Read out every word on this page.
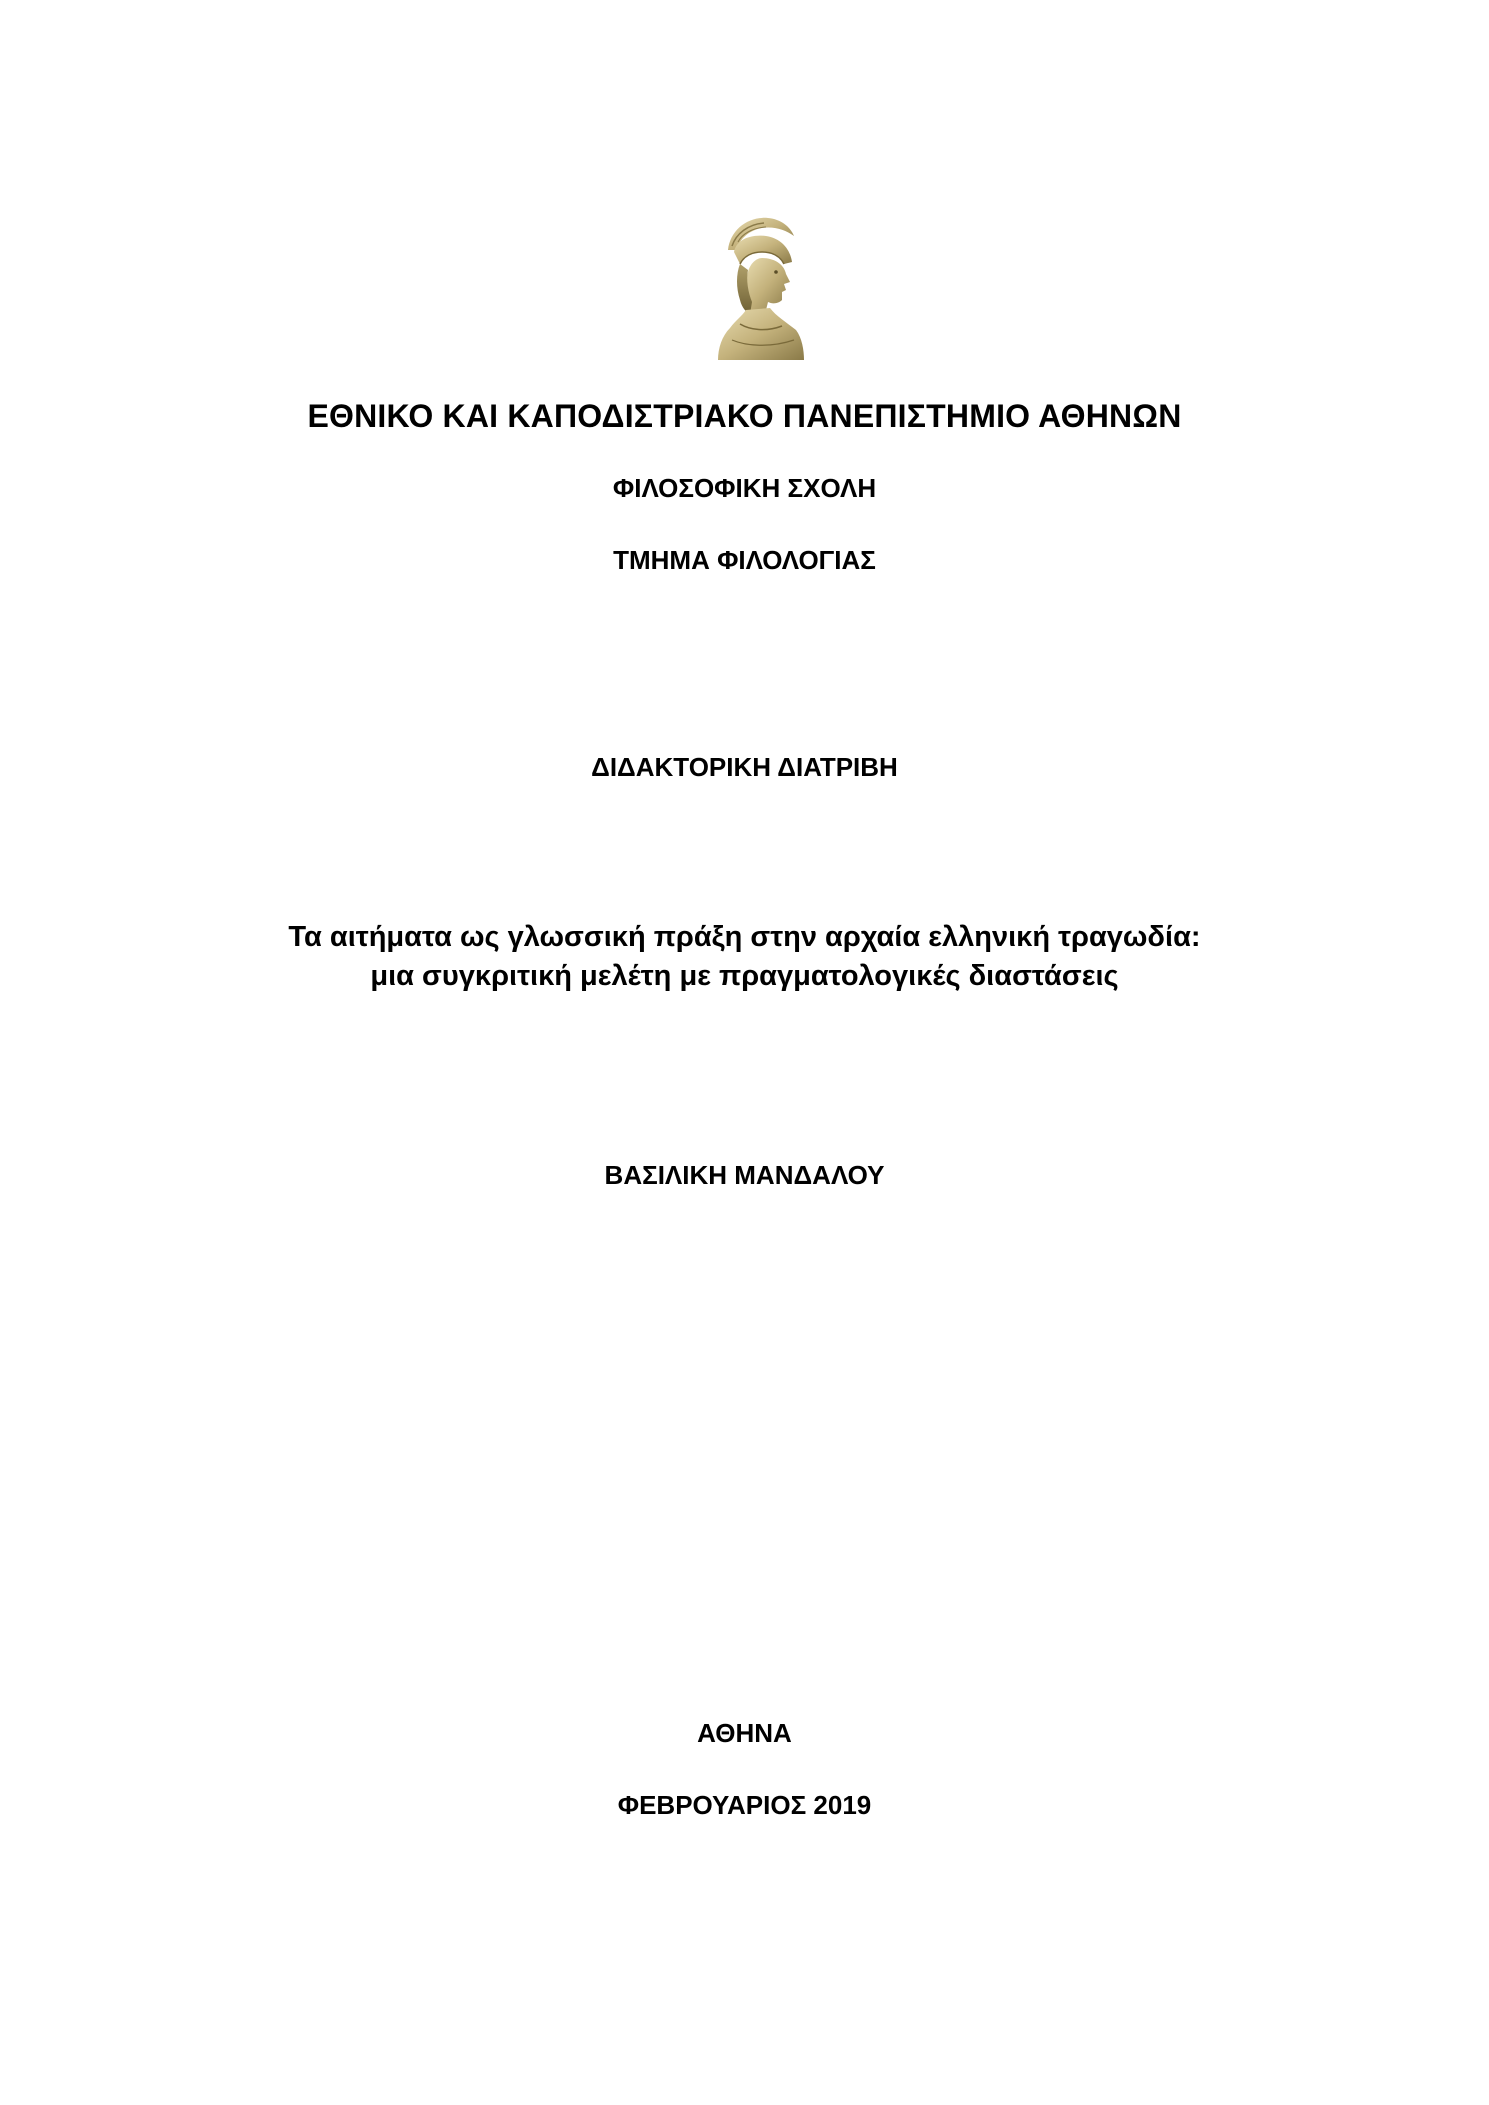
ΕΘΝΙΚΟ ΚΑΙ ΚΑΠΟΔΙΣΤΡΙΑΚΟ ΠΑΝΕΠΙΣΤΗΜΙΟ ΑΘΗΝΩΝ
ΦΙΛΟΣΟΦΙΚΗ ΣΧΟΛΗ
ΤΜΗΜΑ ΦΙΛΟΛΟΓΙΑΣ
ΔΙΔΑΚΤΟΡΙΚΗ ΔΙΑΤΡΙΒΗ
Τα αιτήματα ως γλωσσική πράξη στην αρχαία ελληνική τραγωδία:
μια συγκριτική μελέτη με πραγματολογικές διαστάσεις
ΒΑΣΙΛΙΚΗ ΜΑΝΔΑΛΟΥ
ΑΘΗΝΑ
ΦΕΒΡΟΥΑΡΙΟΣ 2019
